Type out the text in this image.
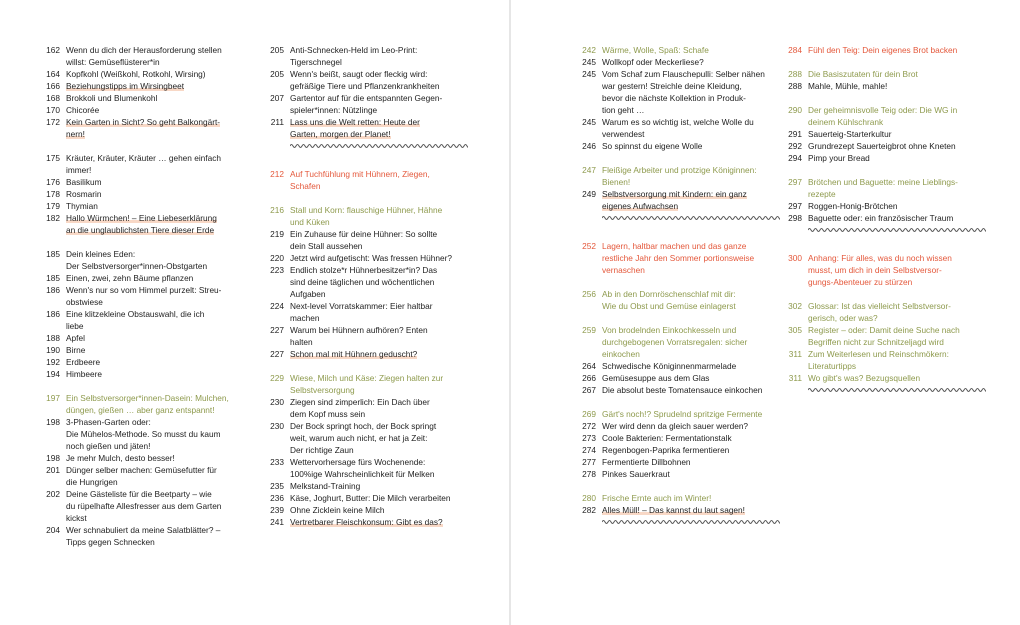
162 Wenn du dich der Herausforderung stellen
willst: Gemüseflüsterer*in
164 Kopfkohl (Weißkohl, Rotkohl, Wirsing)
166 Beziehungstipps im Wirsingbeet
168 Brokkoli und Blumenkohl
170 Chicorée
172 Kein Garten in Sicht? So geht Balkongärt-
nern!
175 Kräuter, Kräuter, Kräuter … gehen einfach
immer!
176 Basilikum
178 Rosmarin
179 Thymian
182 Hallo Würmchen! – Eine Liebeserklärung
an die unglaublichsten Tiere dieser Erde
185 Dein kleines Eden:
Der Selbstversorger*innen-Obstgarten
185 Einen, zwei, zehn Bäume pflanzen
186 Wenn's nur so vom Himmel purzelt: Streu-
obstwiese
186 Eine klitzekleine Obstauswahl, die ich
liebe
188 Apfel
190 Birne
192 Erdbeere
194 Himbeere
197 Ein Selbstversorger*innen-Dasein: Mulchen,
düngen, gießen … aber ganz entspannt!
198 3-Phasen-Garten oder:
Die Mühelos-Methode. So musst du kaum
noch gießen und jäten!
198 Je mehr Mulch, desto besser!
201 Dünger selber machen: Gemüsefutter für
die Hungrigen
202 Deine Gästeliste für die Beetparty – wie
du rüpelhafte Allesfresser aus dem Garten
kickst
204 Wer schnabuliert da meine Salatblätter? –
Tipps gegen Schnecken
205 Anti-Schnecken-Held im Leo-Print:
Tigerschnegel
205 Wenn's beißt, saugt oder fleckig wird:
gefräßige Tiere und Pflanzenkrankheiten
207 Gartentor auf für die entspannten Gegen-
spieler*innen: Nützlinge
211 Lass uns die Welt retten: Heute der
Garten, morgen der Planet!
212 Auf Tuchfühlung mit Hühnern, Ziegen,
Schafen
216 Stall und Korn: flauschige Hühner, Hähne
und Küken
219 Ein Zuhause für deine Hühner: So sollte
dein Stall aussehen
220 Jetzt wird aufgetischt: Was fressen Hühner?
223 Endlich stolze*r Hühnerbesitzer*in? Das
sind deine täglichen und wöchentlichen
Aufgaben
224 Next-level Vorratskammer: Eier haltbar
machen
227 Warum bei Hühnern aufhören? Enten
halten
227 Schon mal mit Hühnern geduscht?
229 Wiese, Milch und Käse: Ziegen halten zur
Selbstversorgung
230 Ziegen sind zimperlich: Ein Dach über
dem Kopf muss sein
230 Der Bock springt hoch, der Bock springt
weit, warum auch nicht, er hat ja Zeit:
Der richtige Zaun
233 Wettervorhersage fürs Wochenende:
100%ige Wahrscheinlichkeit für Melken
235 Melkstand-Training
236 Käse, Joghurt, Butter: Die Milch verarbeiten
239 Ohne Zicklein keine Milch
241 Vertretbarer Fleischkonsum: Gibt es das?
242 Wärme, Wolle, Spaß: Schafe
245 Wollkopf oder Meckerliese?
245 Vom Schaf zum Flauschepulli: Selber nähen
war gestern! Streichle deine Kleidung,
bevor die nächste Kollektion in Produk-
tion geht …
245 Warum es so wichtig ist, welche Wolle du
verwendest
246 So spinnst du eigene Wolle
247 Fleißige Arbeiter und protzige Königinnen:
Bienen!
249 Selbstversorgung mit Kindern: ein ganz
eigenes Aufwachsen
252 Lagern, haltbar machen und das ganze
restliche Jahr den Sommer portionsweise
vernaschen
256 Ab in den Dornröschenschlaf mit dir:
Wie du Obst und Gemüse einlagerst
259 Von brodelnden Einkochkesseln und
durchgebogenen Vorratsregalen: sicher
einkochen
264 Schwedische Königinnenmarmelade
266 Gemüsesuppe aus dem Glas
267 Die absolut beste Tomatensauce einkochen
269 Gärt's noch!? Sprudelnd spritzige Fermente
272 Wer wird denn da gleich sauer werden?
273 Coole Bakterien: Fermentationstalk
274 Regenbogen-Paprika fermentieren
277 Fermentierte Dillbohnen
278 Pinkes Sauerkraut
280 Frische Ernte auch im Winter!
282 Alles Müll! – Das kannst du laut sagen!
284 Fühl den Teig: Dein eigenes Brot backen
288 Die Basiszutaten für dein Brot
288 Mahle, Mühle, mahle!
290 Der geheimnisvolle Teig oder: Die WG in
deinem Kühlschrank
291 Sauerteig-Starterkultur
292 Grundrezept Sauerteigbrot ohne Kneten
294 Pimp your Bread
297 Brötchen und Baguette: meine Lieblings-
rezepte
297 Roggen-Honig-Brötchen
298 Baguette oder: ein französischer Traum
300 Anhang: Für alles, was du noch wissen
musst, um dich in dein Selbstversor-
gungs-Abenteuer zu stürzen
302 Glossar: Ist das vielleicht Selbstversor-
gerisch, oder was?
305 Register – oder: Damit deine Suche nach
Begriffen nicht zur Schnitzeljagd wird
311 Zum Weiterlesen und Reinschmökern:
Literaturtipps
311 Wo gibt's was? Bezugsquellen
